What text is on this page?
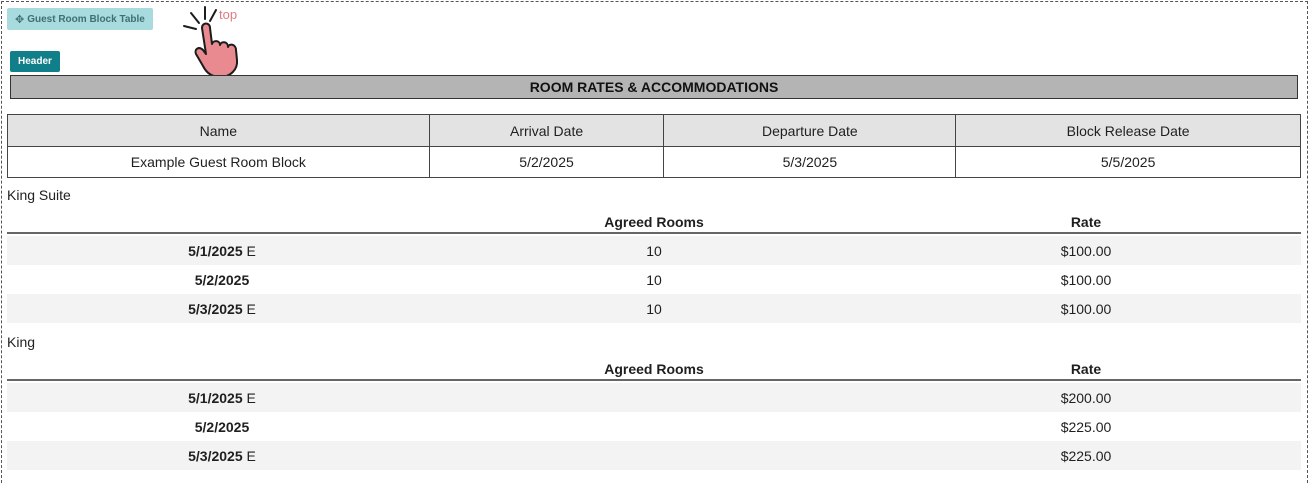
✥ Guest Room Block Table	top
Header
ROOM RATES & ACCOMMODATIONS
Name	Arrival Date	Departure Date	Block Release Date
Example Guest Room Block	5/2/2025	5/3/2025	5/5/2025
King Suite
Agreed Rooms	Rate
5/1/2025 E	10	$100.00
5/2/2025	10	$100.00
5/3/2025 E	10	$100.00
King
Agreed Rooms	Rate
5/1/2025 E	$200.00
5/2/2025	$225.00
5/3/2025 E	$225.00
